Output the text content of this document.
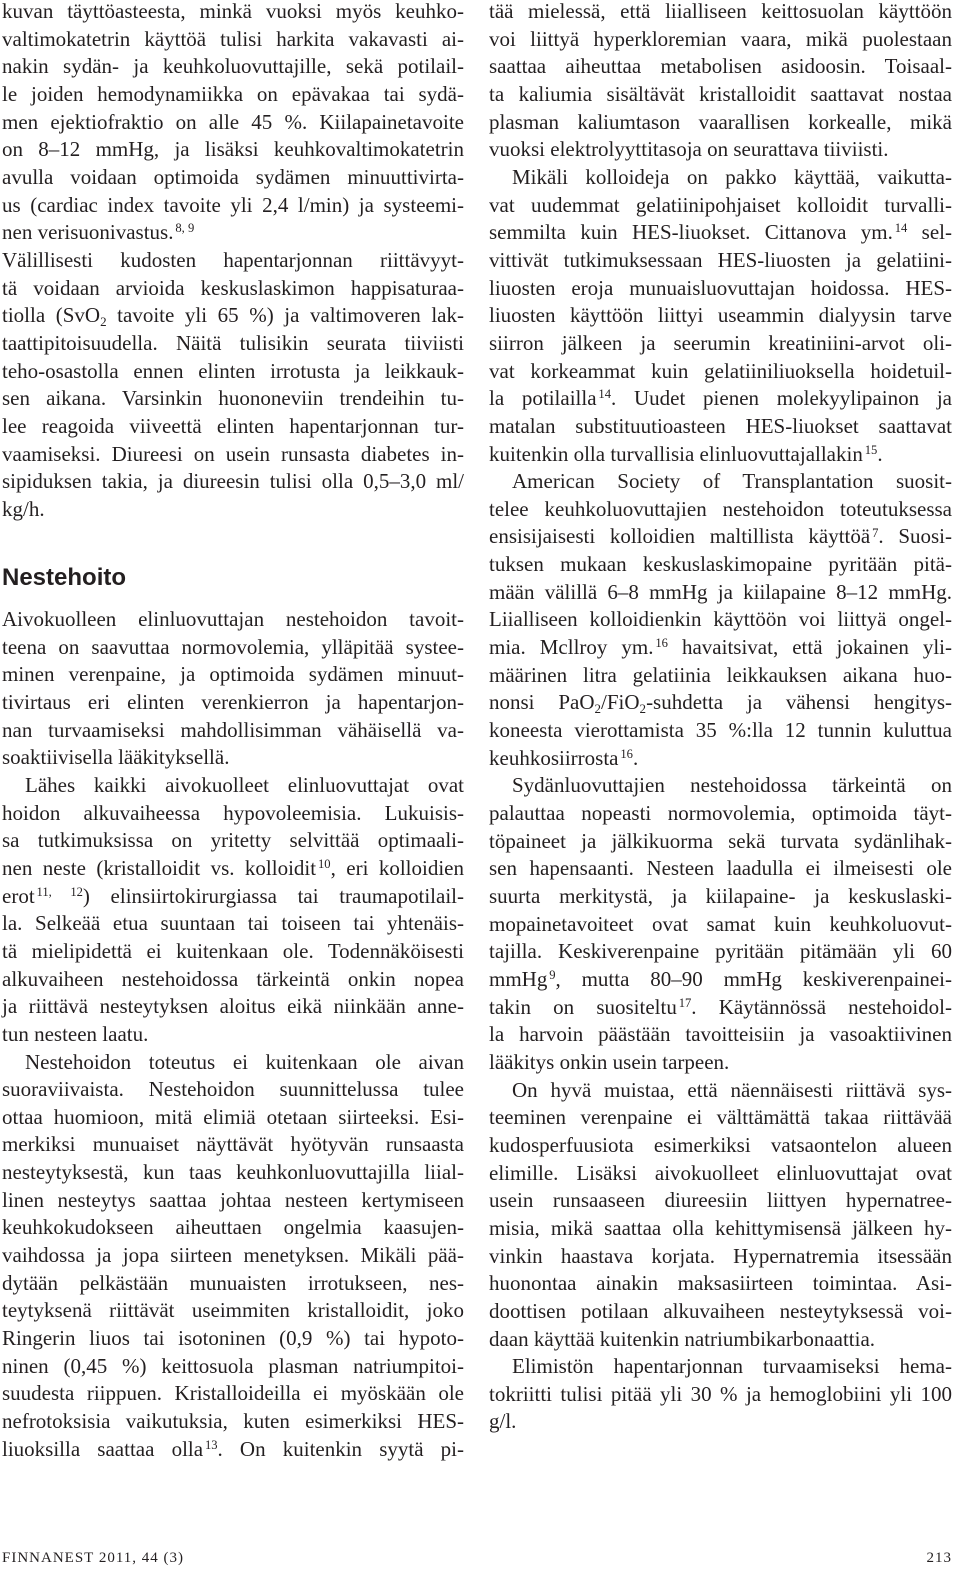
kuvan täyttöasteesta, minkä vuoksi myös keuhko-
valtimokatetrin käyttöä tulisi harkita vakavasti ai-
nakin sydän- ja keuhkoluovuttajille, sekä potilail-
le joiden hemodynamiikka on epävakaa tai sydä-
men ejektiofraktio on alle 45 %. Kiilapainetavoite
on 8–12 mmHg, ja lisäksi keuhkovaltimokatetrin
avulla voidaan optimoida sydämen minuuttivirta-
us (cardiac index tavoite yli 2,4 l/min) ja systeemi-
nen verisuonivastus. $^{8, 9}$
Välillisesti kudosten hapentarjonnan riittävyyt-
tä voidaan arvioida keskuslaskimon happisaturaa-
tiolla (SvO$_2$ tavoite yli 65 %) ja valtimoveren lak-
taattipitoisuudella. Näitä tulisikin seurata tiiviisti
teho-osastolla ennen elinten irrotusta ja leikkauk-
sen aikana. Varsinkin huononeviin trendeihin tu-
lee reagoida viiveettä elinten hapentarjonnan tur-
vaamiseksi. Diureesi on usein runsasta diabetes in-
sipiduksen takia, ja diureesin tulisi olla 0,5–3,0 ml/
kg/h.
Nestehoito
Aivokuolleen elinluovuttajan nestehoidon tavoit-
teena on saavuttaa normovolemia, ylläpitää systee-
minen verenpaine, ja optimoida sydämen minuut-
tivirtaus eri elinten verenkierron ja hapentarjon-
nan turvaamiseksi mahdollisimman vähäisellä va-
soaktiivisella lääkityksellä.
Lähes kaikki aivokuolleet elinluovuttajat ovat
hoidon alkuvaiheessa hypovoleemisia. Lukuisis-
sa tutkimuksissa on yritetty selvittää optimaali-
nen neste (kristalloidit vs. kolloidit $^{10}$, eri kolloidien
erot $^{11, 12}$) elinsiirtokirurgiassa tai traumapotilail-
la. Selkeää etua suuntaan tai toiseen tai yhtenäis-
tä mielipidettä ei kuitenkaan ole. Todennäköisesti
alkuvaiheen nestehoidossa tärkeintä onkin nopea
ja riittävä nesteytyksen aloitus eikä niinkään anne-
tun nesteen laatu.
Nestehoidon toteutus ei kuitenkaan ole aivan
suoraviivaista. Nestehoidon suunnittelussa tulee
ottaa huomioon, mitä elimiä otetaan siirteeksi. Esi-
merkiksi munuaiset näyttävät hyötyvän runsaasta
nesteytyksestä, kun taas keuhkonluovuttajilla liial-
linen nesteytys saattaa johtaa nesteen kertymiseen
keuhkokudokseen aiheuttaen ongelmia kaasujen-
vaihdossa ja jopa siirteen menetyksen. Mikäli pää-
dytään pelkästään munuaisten irrotukseen, nes-
teytyksenä riittävät useimmiten kristalloidit, joko
Ringerin liuos tai isotoninen (0,9 %) tai hypoto-
ninen (0,45 %) keittosuola plasman natriumpitoi-
suudesta riippuen. Kristalloideilla ei myöskään ole
nefrotoksisia vaikutuksia, kuten esimerkiksi HES-
liuoksilla saattaa olla $^{13}$. On kuitenkin syytä pi-
tää mielessä, että liialliseen keittosuolan käyttöön
voi liittyä hyperkloremian vaara, mikä puolestaan
saattaa aiheuttaa metabolisen asidoosin. Toisaal-
ta kaliumia sisältävät kristalloidit saattavat nostaa
plasman kaliumtason vaarallisen korkealle, mikä
vuoksi elektrolyyttitasoja on seurattava tiiviisti.
Mikäli kolloideja on pakko käyttää, vaikutta-
vat uudemmat gelatiinipohjaiset kolloidit turvalli-
semmilta kuin HES-liuokset. Cittanova ym. $^{14}$ sel-
vittivät tutkimuksessaan HES-liuosten ja gelatiini-
liuosten eroja munuaisluovuttajan hoidossa. HES-
liuosten käyttöön liittyi useammin dialyysin tarve
siirron jälkeen ja seerumin kreatiniini-arvot oli-
vat korkeammat kuin gelatiiniliuoksella hoidetuil-
la potilailla $^{14}$. Uudet pienen molekyylipainon ja
matalan substituutioasteen HES-liuokset saattavat
kuitenkin olla turvallisia elinluovuttajallakin $^{15}$.
American Society of Transplantation suosit-
telee keuhkoluovuttajien nestehoidon toteutuksessa
ensisijaisesti kolloidien maltillista käyttöä $^7$. Suosi-
tuksen mukaan keskuslaskimopaine pyritään pitä-
mään välillä 6–8 mmHg ja kiilapaine 8–12 mmHg.
Liialliseen kolloidienkin käyttöön voi liittyä ongel-
mia. Mcllroy ym. $^{16}$ havaitsivat, että jokainen yli-
määrinen litra gelatiinia leikkauksen aikana huo-
nonsi PaO$_2$/FiO$_2$-suhdetta ja vähensi hengitys-
koneesta vierottamista 35 %:lla 12 tunnin kuluttua
keuhkosiirrosta $^{16}$.
Sydänluovuttajien nestehoidossa tärkeintä on
palauttaa nopeasti normovolemia, optimoida täyt-
töpaineet ja jälkikuorma sekä turvata sydänlihak-
sen hapensaanti. Nesteen laadulla ei ilmeisesti ole
suurta merkitystä, ja kiilapaine- ja keskuslaski-
mopainetavoiteet ovat samat kuin keuhkoluovut-
tajilla. Keskiverenpaine pyritään pitämään yli 60
mmHg $^9$, mutta 80–90 mmHg keskiverenpainei-
takin on suositeltu $^{17}$. Käytännössä nestehoidol-
la harvoin päästään tavoitteisiin ja vasoaktiivinen
lääkitys onkin usein tarpeen.
On hyvä muistaa, että näennäisesti riittävä sys-
teeminen verenpaine ei välttämättä takaa riittävää
kudosperfuusiota esimerkiksi vatsaontelon alueen
elimille. Lisäksi aivokuolleet elinluovuttajat ovat
usein runsaaseen diureesiin liittyen hypernatree-
misia, mikä saattaa olla kehittymisensä jälkeen hy-
vinkin haastava korjata. Hypernatremia itsessään
huonontaa ainakin maksasiirteen toimintaa. Asi-
doottisen potilaan alkuvaiheen nesteytyksessä voi-
daan käyttää kuitenkin natriumbikarbonaattia.
Elimistön hapentarjonnan turvaamiseksi hema-
tokriitti tulisi pitää yli 30 % ja hemoglobiini yli 100
g/l.
FINNANEST 2011, 44 (3)	213
